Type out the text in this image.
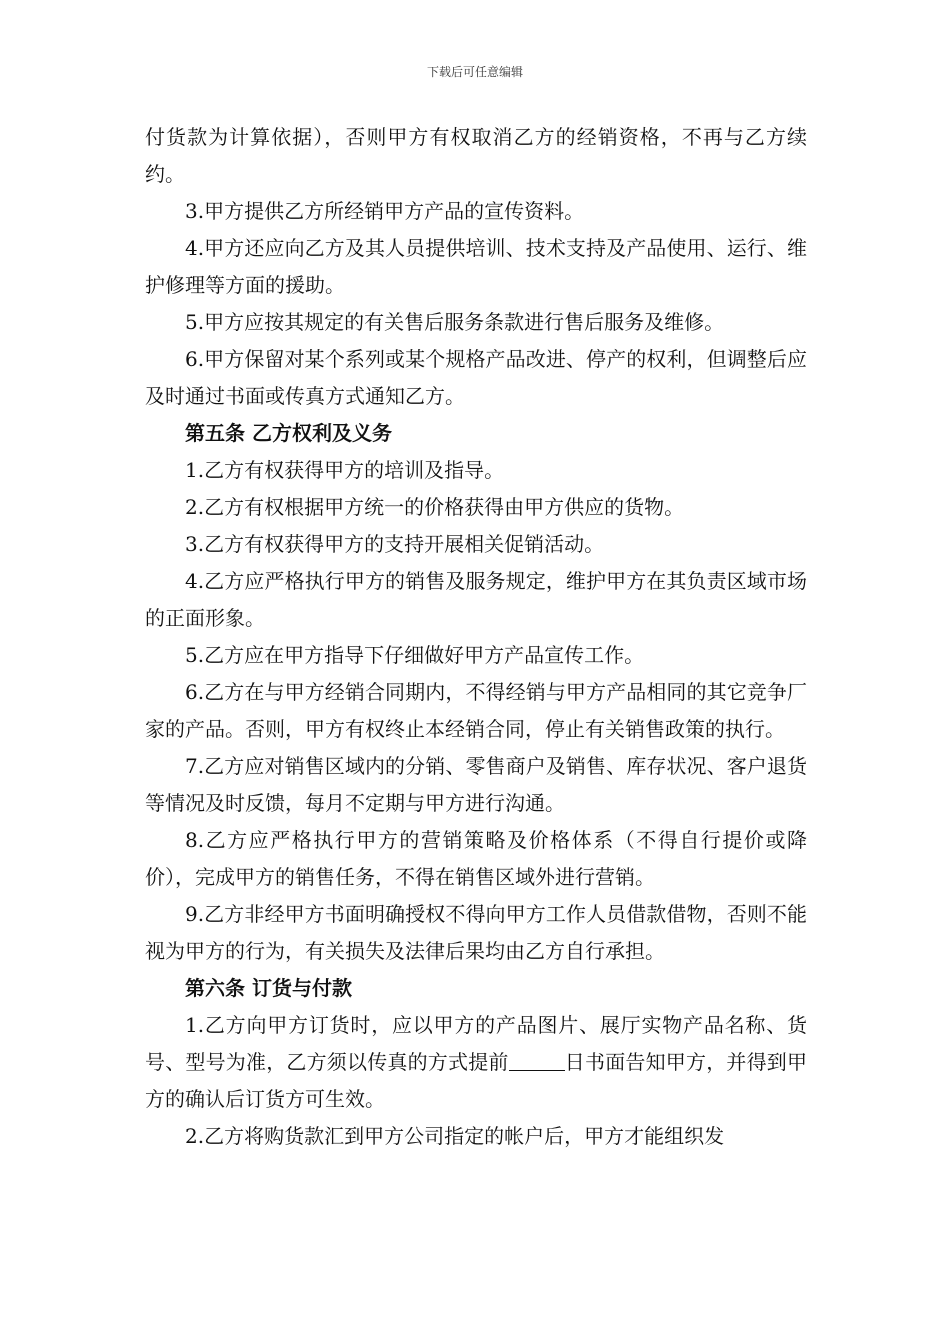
下载后可任意编辑

付货款为计算依据），否则甲方有权取消乙方的经销资格，不再与乙方续约。

3.甲方提供乙方所经销甲方产品的宣传资料。

4.甲方还应向乙方及其人员提供培训、技术支持及产品使用、运行、维护修理等方面的援助。

5.甲方应按其规定的有关售后服务条款进行售后服务及维修。

6.甲方保留对某个系列或某个规格产品改进、停产的权利，但调整后应及时通过书面或传真方式通知乙方。

第五条 乙方权利及义务

1.乙方有权获得甲方的培训及指导。

2.乙方有权根据甲方统一的价格获得由甲方供应的货物。

3.乙方有权获得甲方的支持开展相关促销活动。

4.乙方应严格执行甲方的销售及服务规定，维护甲方在其负责区域市场的正面形象。

5.乙方应在甲方指导下仔细做好甲方产品宣传工作。

6.乙方在与甲方经销合同期内，不得经销与甲方产品相同的其它竞争厂家的产品。否则，甲方有权终止本经销合同，停止有关销售政策的执行。

7.乙方应对销售区域内的分销、零售商户及销售、库存状况、客户退货等情况及时反馈，每月不定期与甲方进行沟通。

8.乙方应严格执行甲方的营销策略及价格体系（不得自行提价或降价），完成甲方的销售任务，不得在销售区域外进行营销。

9.乙方非经甲方书面明确授权不得向甲方工作人员借款借物，否则不能视为甲方的行为，有关损失及法律后果均由乙方自行承担。

第六条 订货与付款

1.乙方向甲方订货时，应以甲方的产品图片、展厅实物产品名称、货号、型号为准，乙方须以传真的方式提前	日书面告知甲方，并得到甲方的确认后订货方可生效。

2.乙方将购货款汇到甲方公司指定的帐户后，甲方才能组织发
